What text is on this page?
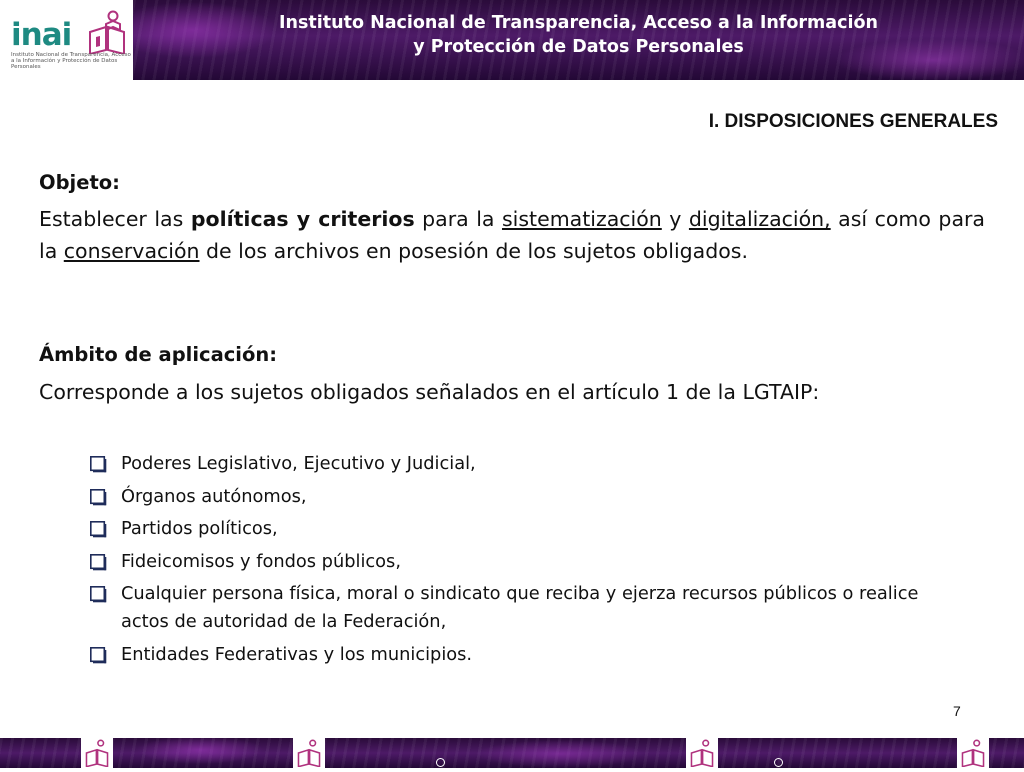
inai
Instituto Nacional de Transparencia, Acceso a la Información y Protección de Datos Personales
Instituto Nacional de Transparencia, Acceso a la Información
y Protección de Datos Personales
I. DISPOSICIONES GENERALES
Objeto:
Establecer las políticas y criterios para la sistematización y digitalización, así como para la conservación de los archivos en posesión de los sujetos obligados.
Ámbito de aplicación:
Corresponde a los sujetos obligados señalados en el artículo 1 de la LGTAIP:
Poderes Legislativo, Ejecutivo y Judicial,
Órganos autónomos,
Partidos políticos,
Fideicomisos y fondos públicos,
Cualquier persona física, moral o sindicato que reciba y ejerza recursos públicos o realice actos de autoridad de la Federación,
Entidades Federativas y los municipios.
7
